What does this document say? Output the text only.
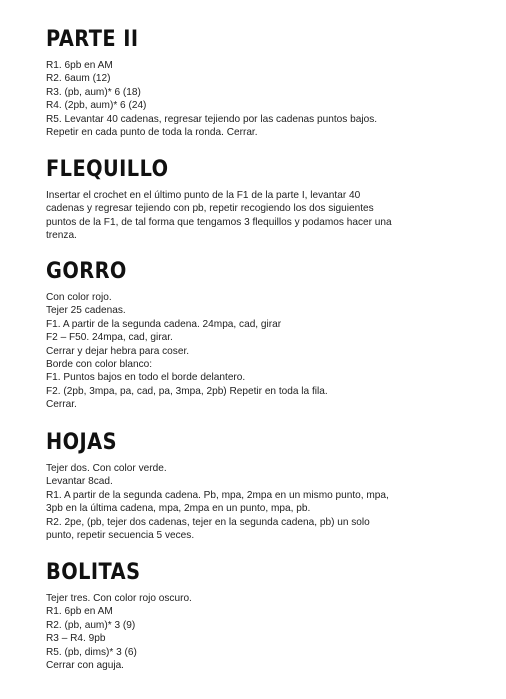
PARTE II
R1. 6pb en AM
R2. 6aum (12)
R3. (pb, aum)* 6 (18)
R4. (2pb, aum)* 6 (24)
R5. Levantar 40 cadenas, regresar tejiendo por las cadenas puntos bajos.
Repetir en cada punto de toda la ronda. Cerrar.
FLEQUILLO
Insertar el crochet en el último punto de la F1 de la parte I, levantar 40
cadenas y regresar tejiendo con pb, repetir recogiendo los dos siguientes
puntos de la F1, de tal forma que tengamos 3 flequillos y podamos hacer una
trenza.
GORRO
Con color rojo.
Tejer 25 cadenas.
F1. A partir de la segunda cadena. 24mpa, cad, girar
F2 – F50. 24mpa, cad, girar.
Cerrar y dejar hebra para coser.
Borde con color blanco:
F1. Puntos bajos en todo el borde delantero.
F2. (2pb, 3mpa, pa, cad, pa, 3mpa, 2pb) Repetir en toda la fila.
Cerrar.
HOJAS
Tejer dos. Con color verde.
Levantar 8cad.
R1. A partir de la segunda cadena. Pb, mpa, 2mpa en un mismo punto, mpa,
3pb en la última cadena, mpa, 2mpa en un punto, mpa, pb.
R2. 2pe, (pb, tejer dos cadenas, tejer en la segunda cadena, pb) un solo
punto, repetir secuencia 5 veces.
BOLITAS
Tejer tres. Con color rojo oscuro.
R1. 6pb en AM
R2. (pb, aum)* 3 (9)
R3 – R4. 9pb
R5. (pb, dims)* 3 (6)
Cerrar con aguja.
